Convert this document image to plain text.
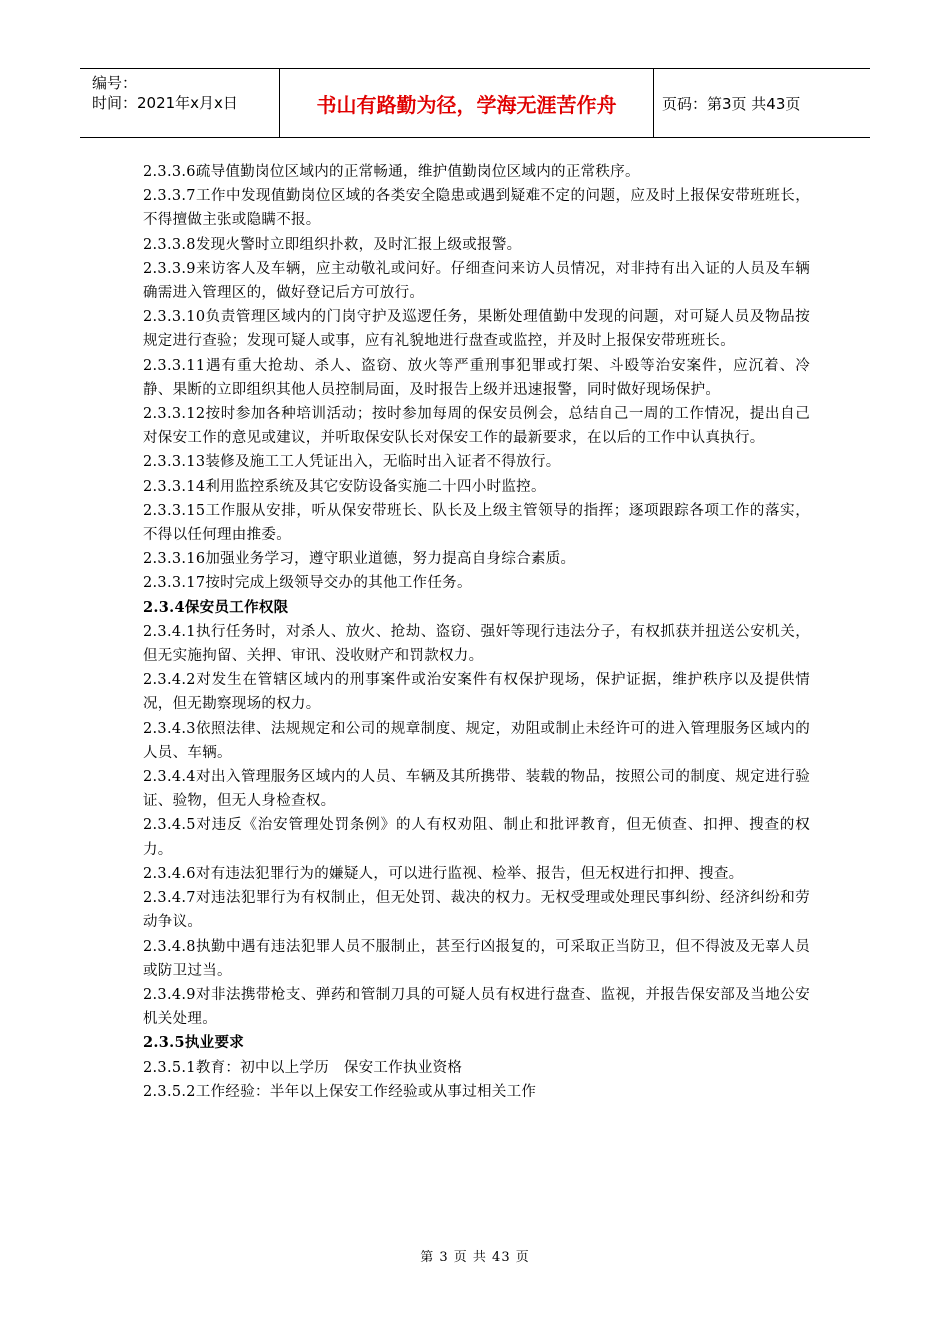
编号：
时间：2021年x月x日	书山有路勤为径，学海无涯苦作舟	页码：第3页 共43页

2.3.3.6疏导值勤岗位区域内的正常畅通，维护值勤岗位区域内的正常秩序。

2.3.3.7工作中发现值勤岗位区域的各类安全隐患或遇到疑难不定的问题，应及时上报保安带班班长，不得擅做主张或隐瞒不报。

2.3.3.8发现火警时立即组织扑救，及时汇报上级或报警。

2.3.3.9来访客人及车辆，应主动敬礼或问好。仔细查问来访人员情况，对非持有出入证的人员及车辆确需进入管理区的，做好登记后方可放行。

2.3.3.10负责管理区域内的门岗守护及巡逻任务，果断处理值勤中发现的问题，对可疑人员及物品按规定进行查验；发现可疑人或事，应有礼貌地进行盘查或监控，并及时上报保安带班班长。

2.3.3.11遇有重大抢劫、杀人、盗窃、放火等严重刑事犯罪或打架、斗殴等治安案件，应沉着、冷静、果断的立即组织其他人员控制局面，及时报告上级并迅速报警，同时做好现场保护。

2.3.3.12按时参加各种培训活动；按时参加每周的保安员例会，总结自己一周的工作情况，提出自己对保安工作的意见或建议，并听取保安队长对保安工作的最新要求，在以后的工作中认真执行。

2.3.3.13装修及施工工人凭证出入，无临时出入证者不得放行。

2.3.3.14利用监控系统及其它安防设备实施二十四小时监控。

2.3.3.15工作服从安排，听从保安带班长、队长及上级主管领导的指挥；逐项跟踪各项工作的落实，不得以任何理由推委。

2.3.3.16加强业务学习，遵守职业道德，努力提高自身综合素质。

2.3.3.17按时完成上级领导交办的其他工作任务。

2.3.4保安员工作权限

2.3.4.1执行任务时，对杀人、放火、抢劫、盗窃、强奸等现行违法分子，有权抓获并扭送公安机关，但无实施拘留、关押、审讯、没收财产和罚款权力。

2.3.4.2对发生在管辖区域内的刑事案件或治安案件有权保护现场，保护证据，维护秩序以及提供情况，但无勘察现场的权力。

2.3.4.3依照法律、法规规定和公司的规章制度、规定，劝阻或制止未经许可的进入管理服务区域内的人员、车辆。

2.3.4.4对出入管理服务区域内的人员、车辆及其所携带、装载的物品，按照公司的制度、规定进行验证、验物，但无人身检查权。

2.3.4.5对违反《治安管理处罚条例》的人有权劝阻、制止和批评教育，但无侦查、扣押、搜查的权力。

2.3.4.6对有违法犯罪行为的嫌疑人，可以进行监视、检举、报告，但无权进行扣押、搜查。

2.3.4.7对违法犯罪行为有权制止，但无处罚、裁决的权力。无权受理或处理民事纠纷、经济纠纷和劳动争议。

2.3.4.8执勤中遇有违法犯罪人员不服制止，甚至行凶报复的，可采取正当防卫，但不得波及无辜人员或防卫过当。

2.3.4.9对非法携带枪支、弹药和管制刀具的可疑人员有权进行盘查、监视，并报告保安部及当地公安机关处理。

2.3.5执业要求

2.3.5.1教育：初中以上学历　保安工作执业资格

2.3.5.2工作经验：半年以上保安工作经验或从事过相关工作

第 3 页 共 43 页
